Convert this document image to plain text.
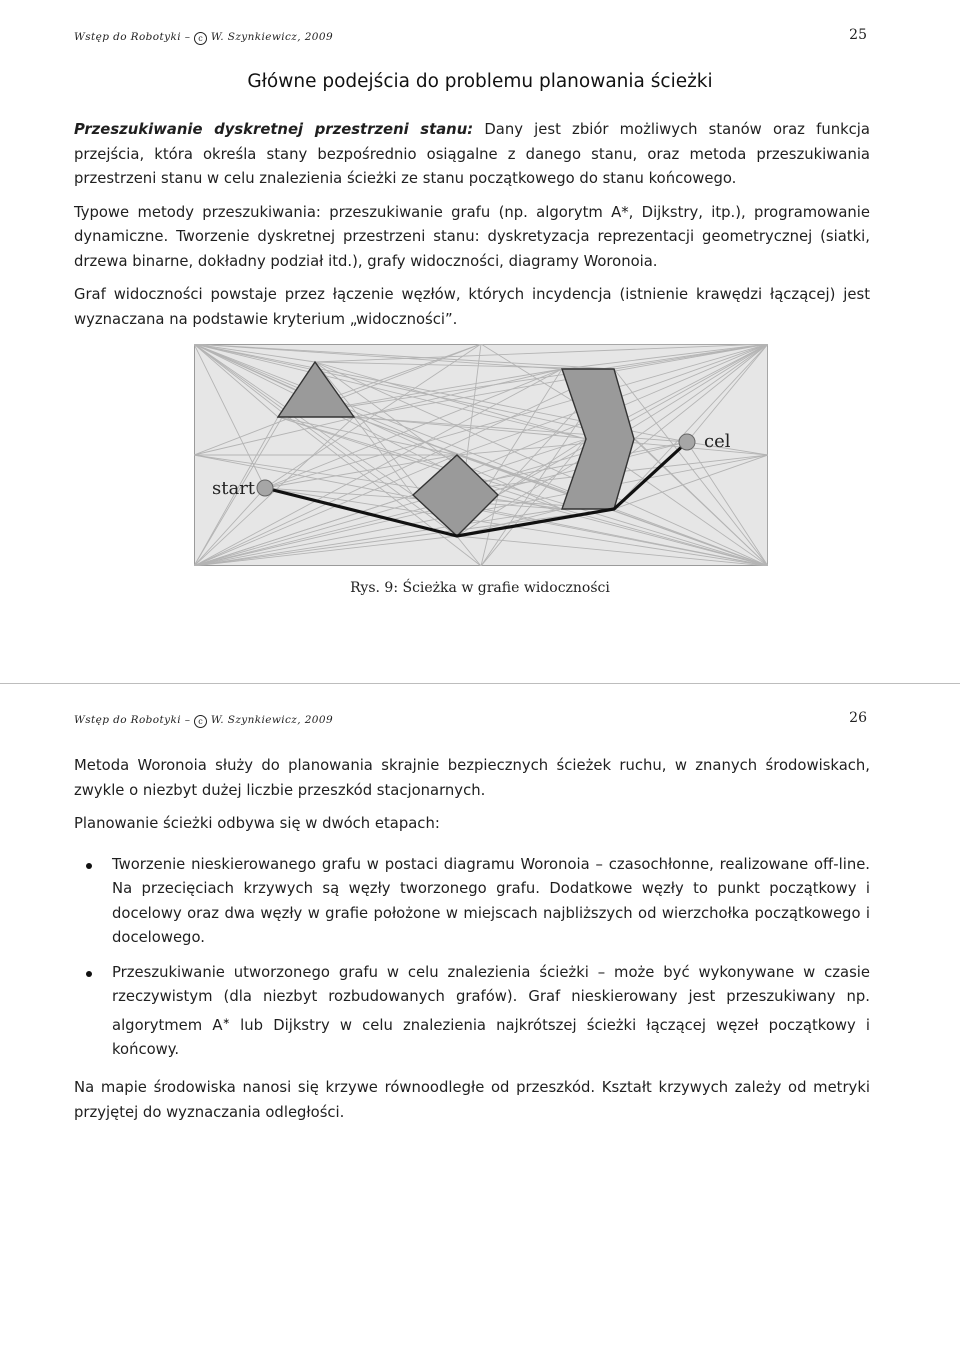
Wstęp do Robotyki – c W. Szynkiewicz, 2009	25
Główne podejścia do problemu planowania ścieżki

Przeszukiwanie dyskretnej przestrzeni stanu: Dany jest zbiór możliwych stanów oraz funkcja przejścia, która określa stany bezpośrednio osiągalne z danego stanu, oraz metoda przeszukiwania przestrzeni stanu w celu znalezienia ścieżki ze stanu początkowego do stanu końcowego.

Typowe metody przeszukiwania: przeszukiwanie grafu (np. algorytm A*, Dijkstry, itp.), programowanie dynamiczne. Tworzenie dyskretnej przestrzeni stanu: dyskretyzacja reprezentacji geometrycznej (siatki, drzewa binarne, dokładny podział itd.), grafy widoczności, diagramy Woronoia.

Graf widoczności powstaje przez łączenie węzłów, których incydencja (istnienie krawędzi łączącej) jest wyznaczana na podstawie kryterium „widoczności”.

start
cel
Rys. 9: Ścieżka w grafie widoczności
Wstęp do Robotyki – c W. Szynkiewicz, 2009	26

Metoda Woronoia służy do planowania skrajnie bezpiecznych ścieżek ruchu, w znanych środowiskach, zwykle o niezbyt dużej liczbie przeszkód stacjonarnych.

Planowanie ścieżki odbywa się w dwóch etapach:

Tworzenie nieskierowanego grafu w postaci diagramu Woronoia – czasochłonne, realizowane off-line. Na przecięciach krzywych są węzły tworzonego grafu. Dodatkowe węzły to punkt początkowy i docelowy oraz dwa węzły w grafie położone w miejscach najbliższych od wierzchołka początkowego i docelowego.
Przeszukiwanie utworzonego grafu w celu znalezienia ścieżki – może być wykonywane w czasie rzeczywistym (dla niezbyt rozbudowanych grafów). Graf nieskierowany jest przeszukiwany np. algorytmem A∗ lub Dijkstry w celu znalezienia najkrótszej ścieżki łączącej węzeł początkowy i końcowy.

Na mapie środowiska nanosi się krzywe równoodległe od przeszkód. Kształt krzywych zależy od metryki przyjętej do wyznaczania odległości.
